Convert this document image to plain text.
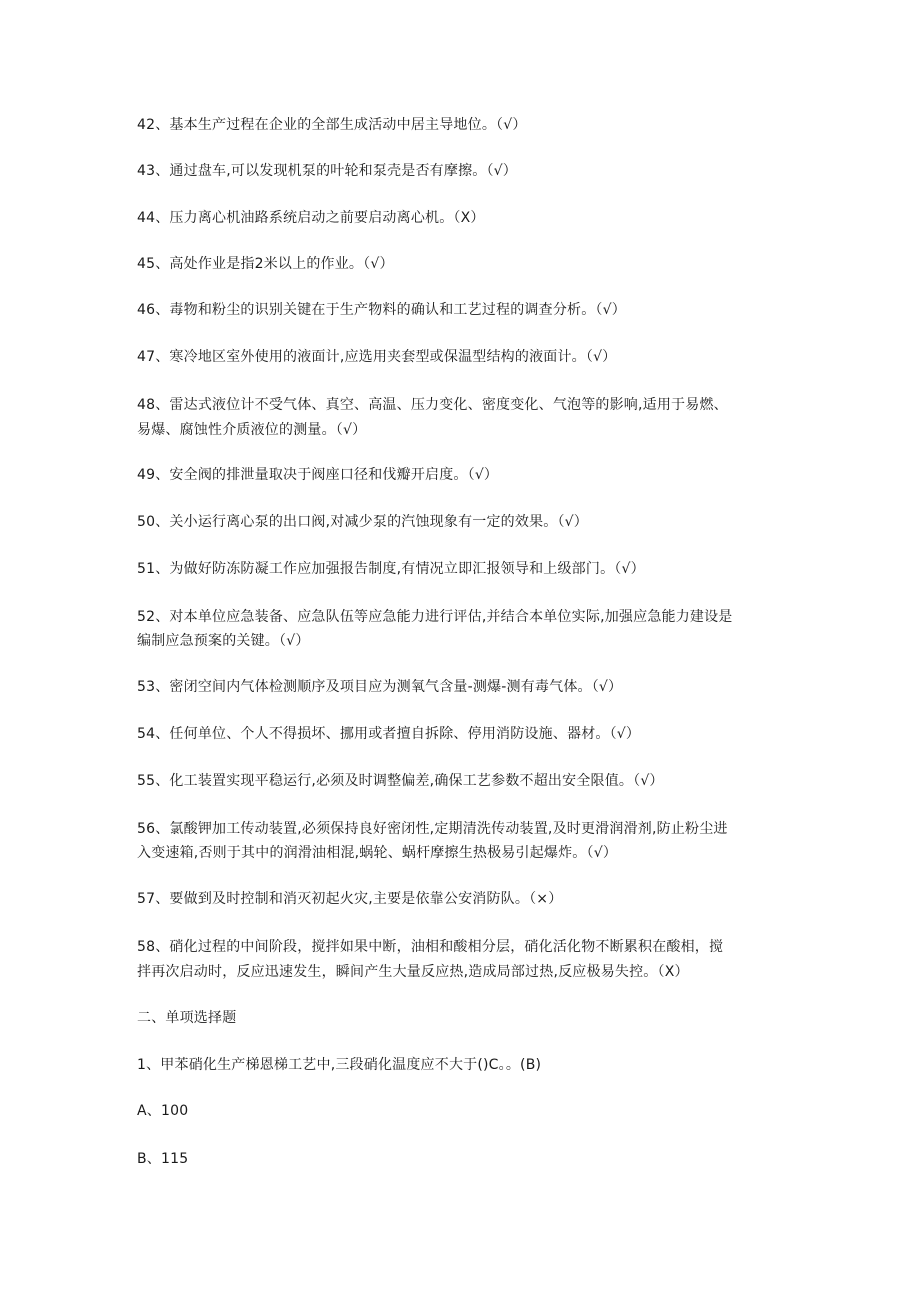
42、基本生产过程在企业的全部生成活动中居主导地位。（√）
43、通过盘车,可以发现机泵的叶轮和泵壳是否有摩擦。（√）
44、压力离心机油路系统启动之前要启动离心机。（X）
45、高处作业是指2米以上的作业。（√）
46、毒物和粉尘的识别关键在于生产物料的确认和工艺过程的调查分析。（√）
47、寒冷地区室外使用的液面计,应选用夹套型或保温型结构的液面计。（√）
48、雷达式液位计不受气体、真空、高温、压力变化、密度变化、气泡等的影响,适用于易燃、
易爆、腐蚀性介质液位的测量。（√）
49、安全阀的排泄量取决于阀座口径和伐瓣开启度。（√）
50、关小运行离心泵的出口阀,对减少泵的汽蚀现象有一定的效果。（√）
51、为做好防冻防凝工作应加强报告制度,有情况立即汇报领导和上级部门。（√）
52、对本单位应急装备、应急队伍等应急能力进行评估,并结合本单位实际,加强应急能力建设是
编制应急预案的关键。（√）
53、密闭空间内气体检测顺序及项目应为测氧气含量-测爆-测有毒气体。（√）
54、任何单位、个人不得损坏、挪用或者擅自拆除、停用消防设施、器材。（√）
55、化工装置实现平稳运行,必须及时调整偏差,确保工艺参数不超出安全限值。（√）
56、氯酸钾加工传动装置,必须保持良好密闭性,定期清洗传动装置,及时更滑润滑剂,防止粉尘进
入变速箱,否则于其中的润滑油相混,蜗轮、蜗杆摩擦生热极易引起爆炸。（√）
57、要做到及时控制和消灭初起火灾,主要是依靠公安消防队。（×）
58、硝化过程的中间阶段，搅拌如果中断，油相和酸相分层，硝化活化物不断累积在酸相，搅
拌再次启动时，反应迅速发生，瞬间产生大量反应热,造成局部过热,反应极易失控。（X）
二、单项选择题
1、甲苯硝化生产梯恩梯工艺中,三段硝化温度应不大于()C。。(B)
A、100
B、115
